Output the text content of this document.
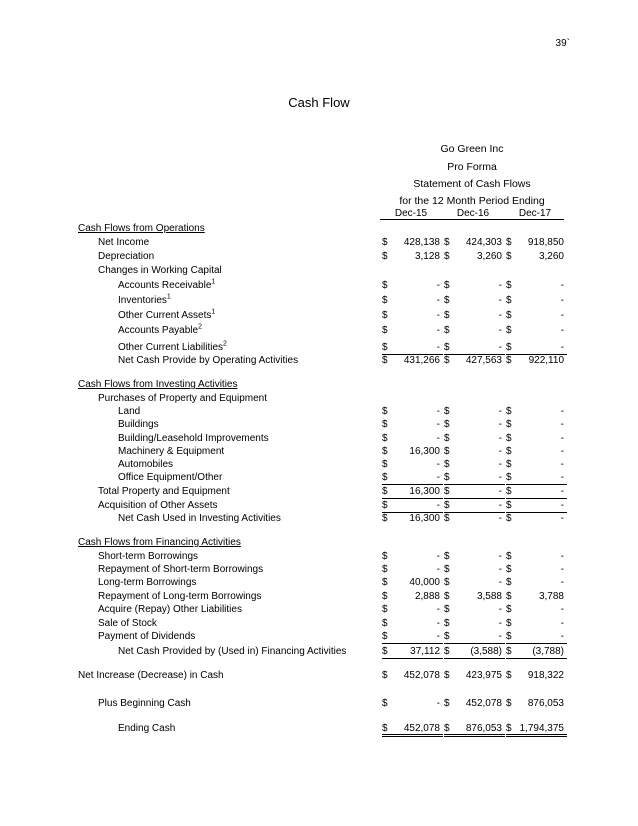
39`
Cash Flow
Go Green Inc
Pro Forma
Statement of Cash Flows
for the 12 Month Period Ending
Dec-15	Dec-16	Dec-17
Cash Flows from Operations
Net Income	$ 428,138 $ 424,303 $ 918,850
Depreciation	$	3,128 $	3,260 $	3,260
Changes in Working Capital
Accounts Receivable$^1$	$	- $	- $	-
Inventories$^1$	$	- $	- $	-
Other Current Assets$^1$	$	- $	- $	-
Accounts Payable$^2$	$	- $	- $	-
Other Current Liabilities$^2$	$	- $	- $	-
Net Cash Provide by Operating Activities	$ 431,266 $ 427,563 $ 922,110
Cash Flows from Investing Activities
Purchases of Property and Equipment
Land	$	- $	- $	-
Buildings	$	- $	- $	-
Building/Leasehold Improvements	$	- $	- $	-
Machinery & Equipment	$ 16,300 $	- $	-
Automobiles	$	- $	- $	-
Office Equipment/Other	$	- $	- $	-
Total Property and Equipment	$ 16,300 $	- $	-
Acquisition of Other Assets	$	- $	- $	-
Net Cash Used in Investing Activities	$ 16,300 $	- $	-
Cash Flows from Financing Activities
Short-term Borrowings	$	- $	- $	-
Repayment of Short-term Borrowings	$	- $	- $	-
Long-term Borrowings	$ 40,000 $	- $	-
Repayment of Long-term Borrowings	$	2,888 $	3,588 $	3,788
Acquire (Repay) Other Liabilities	$	- $	- $	-
Sale of Stock	$	- $	- $	-
Payment of Dividends	$	- $	- $	-
Net Cash Provided by (Used in) Financing Activities	$ 37,112 $ (3,588) $ (3,788)
Net Increase (Decrease) in Cash	$ 452,078 $ 423,975 $ 918,322
Plus Beginning Cash	$	- $ 452,078 $ 876,053
Ending Cash	$ 452,078 $ 876,053 $ 1,794,375
